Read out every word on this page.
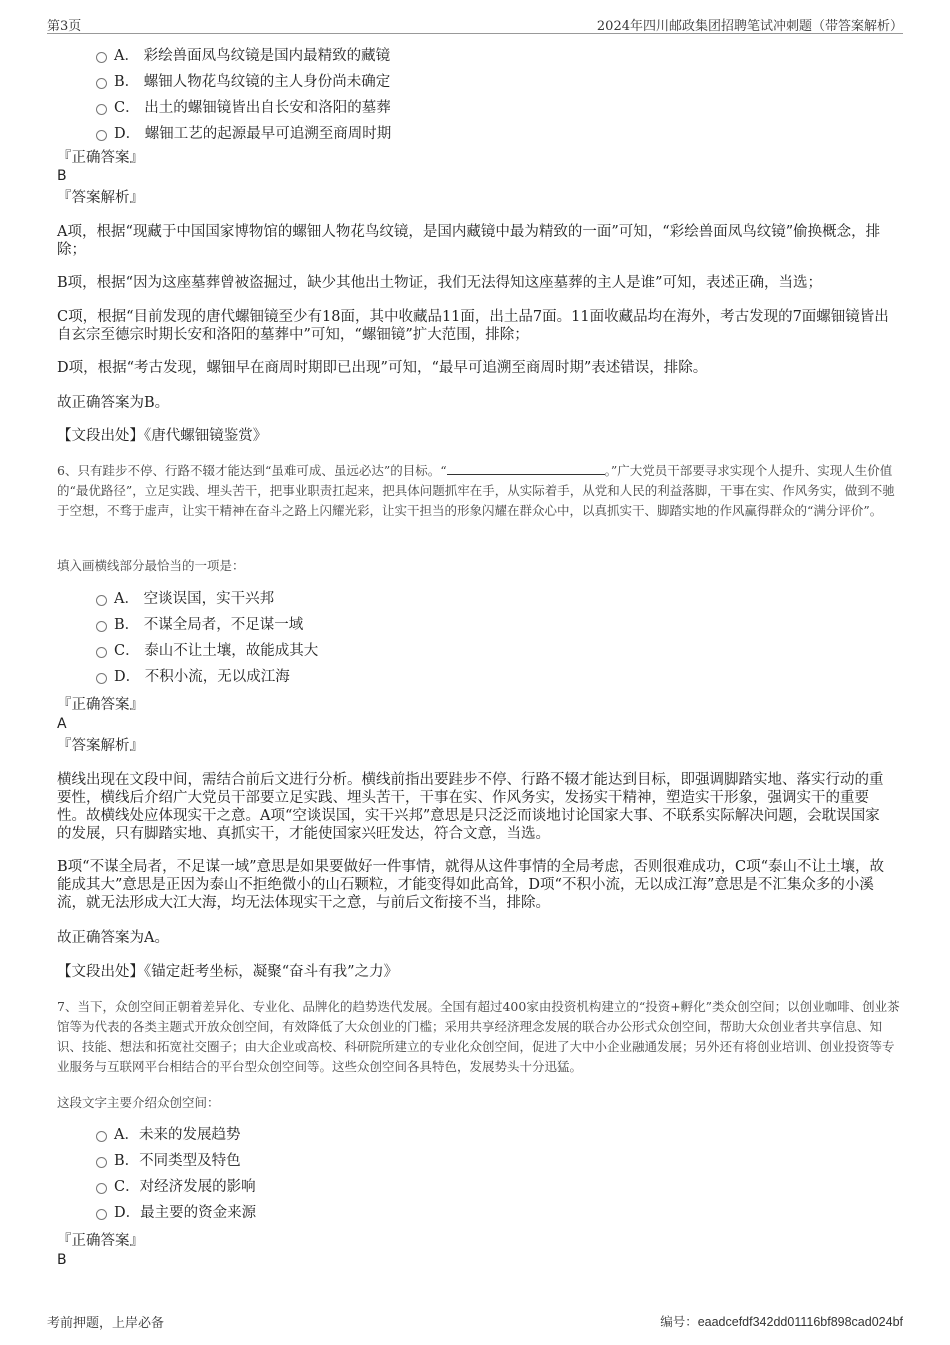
第3页	2024年四川邮政集团招聘笔试冲刺题（带答案解析）
A． 彩绘兽面凤鸟纹镜是国内最精致的藏镜
B． 螺钿人物花鸟纹镜的主人身份尚未确定
C． 出土的螺钿镜皆出自长安和洛阳的墓葬
D． 螺钿工艺的起源最早可追溯至商周时期
『正确答案』
B
『答案解析』
A项，根据“现藏于中国国家博物馆的螺钿人物花鸟纹镜，是国内藏镜中最为精致的一面”可知，“彩绘兽面凤鸟纹镜”偷换概念，排除；
B项，根据“因为这座墓葬曾被盗掘过，缺少其他出土物证，我们无法得知这座墓葬的主人是谁”可知，表述正确，当选；
C项，根据“目前发现的唐代螺钿镜至少有18面，其中收藏品11面，出土品7面。11面收藏品均在海外，考古发现的7面螺钿镜皆出自玄宗至德宗时期长安和洛阳的墓葬中”可知，“螺钿镜”扩大范围，排除；
D项，根据“考古发现，螺钿早在商周时期即已出现”可知，“最早可追溯至商周时期”表述错误，排除。
故正确答案为B。
【文段出处】《唐代螺钿镜鉴赏》
6、只有跬步不停、行路不辍才能达到“虽难可成、虽远必达”的目标。“	。”广大党员干部要寻求实现个人提升、实现人生价值的“最优路径”，立足实践、埋头苦干，把事业职责扛起来，把具体问题抓牢在手，从实际着手，从党和人民的利益落脚，干事在实、作风务实，做到不驰于空想，不骛于虚声，让实干精神在奋斗之路上闪耀光彩，让实干担当的形象闪耀在群众心中，以真抓实干、脚踏实地的作风赢得群众的“满分评价”。
填入画横线部分最恰当的一项是：
A． 空谈误国，实干兴邦
B． 不谋全局者，不足谋一域
C． 泰山不让土壤，故能成其大
D． 不积小流，无以成江海
『正确答案』
A
『答案解析』
横线出现在文段中间，需结合前后文进行分析。横线前指出要跬步不停、行路不辍才能达到目标，即强调脚踏实地、落实行动的重要性，横线后介绍广大党员干部要立足实践、埋头苦干，干事在实、作风务实，发扬实干精神，塑造实干形象，强调实干的重要性。故横线处应体现实干之意。A项“空谈误国，实干兴邦”意思是只泛泛而谈地讨论国家大事、不联系实际解决问题，会耽误国家的发展，只有脚踏实地、真抓实干，才能使国家兴旺发达，符合文意，当选。
B项“不谋全局者，不足谋一域”意思是如果要做好一件事情，就得从这件事情的全局考虑，否则很难成功，C项“泰山不让土壤，故能成其大”意思是正因为泰山不拒绝微小的山石颗粒，才能变得如此高耸，D项“不积小流，无以成江海”意思是不汇集众多的小溪流，就无法形成大江大海，均无法体现实干之意，与前后文衔接不当，排除。
故正确答案为A。
【文段出处】《锚定赶考坐标，凝聚“奋斗有我”之力》
7、当下，众创空间正朝着差异化、专业化、品牌化的趋势迭代发展。全国有超过400家由投资机构建立的“投资+孵化”类众创空间；以创业咖啡、创业茶馆等为代表的各类主题式开放众创空间，有效降低了大众创业的门槛；采用共享经济理念发展的联合办公形式众创空间，帮助大众创业者共享信息、知识、技能、想法和拓宽社交圈子；由大企业或高校、科研院所建立的专业化众创空间，促进了大中小企业融通发展；另外还有将创业培训、创业投资等专业服务与互联网平台相结合的平台型众创空间等。这些众创空间各具特色，发展势头十分迅猛。
这段文字主要介绍众创空间：
A．未来的发展趋势
B．不同类型及特色
C．对经济发展的影响
D．最主要的资金来源
『正确答案』
B
考前押题，上岸必备	编号：eaadcefdf342dd01116bf898cad024bf
